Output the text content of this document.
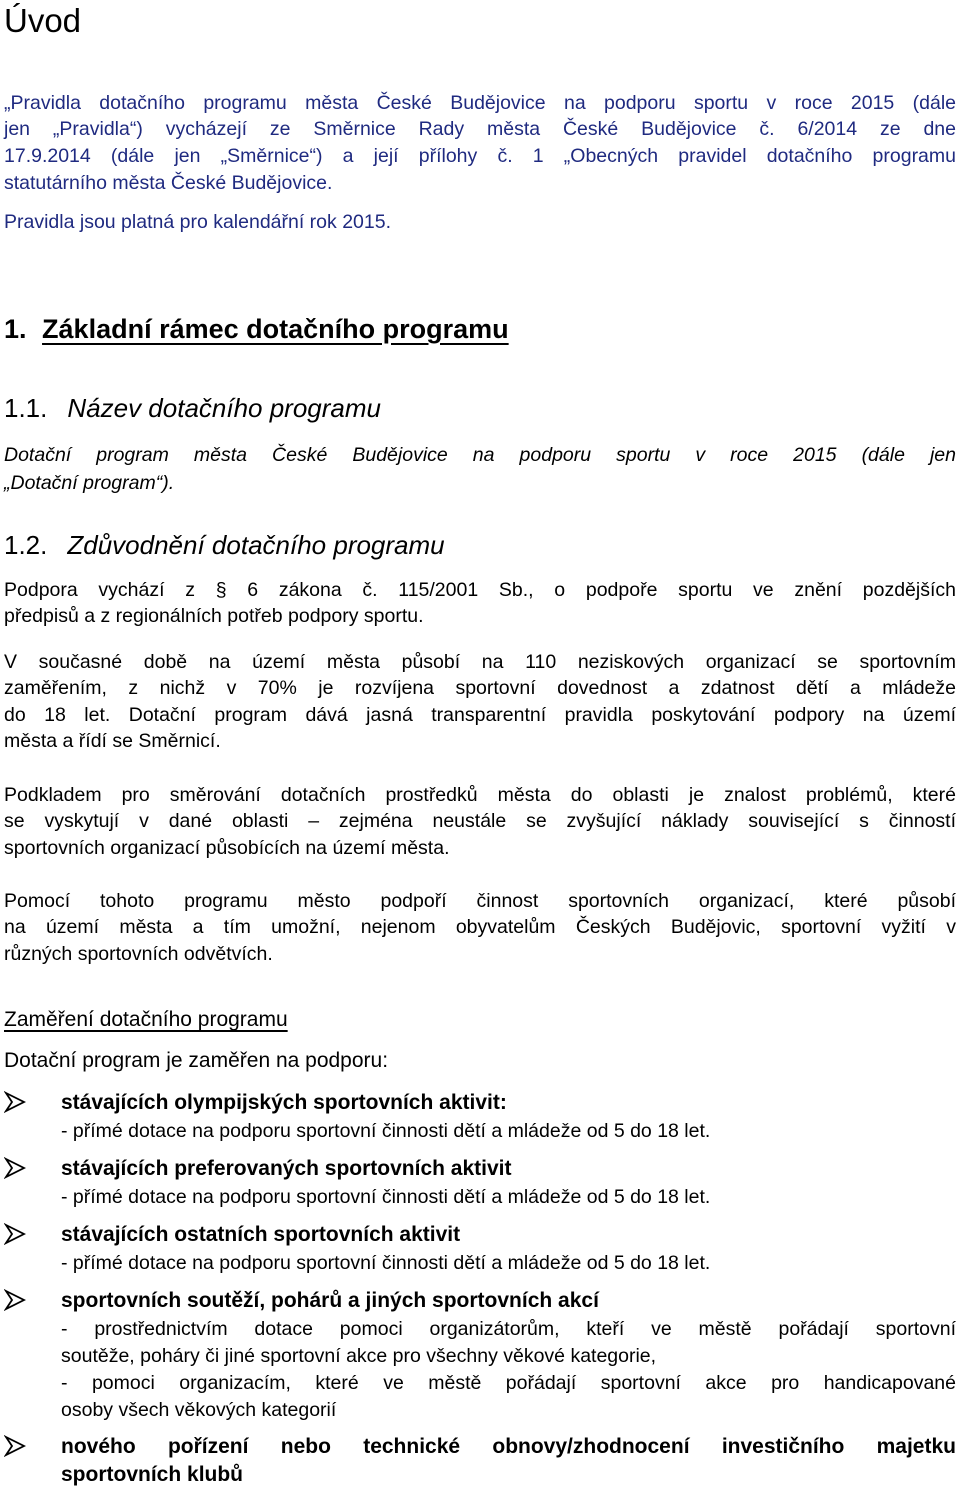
Úvod
„Pravidla dotačního programu města České Budějovice na podporu sportu v roce 2015 (dále
jen „Pravidla“) vycházejí ze Směrnice Rady města České Budějovice č. 6/2014 ze dne
17.9.2014 (dále jen „Směrnice“) a její přílohy č. 1 „Obecných pravidel dotačního programu
statutárního města České Budějovice.
Pravidla jsou platná pro kalendářní rok 2015.
1. Základní rámec dotačního programu
1.1. Název dotačního programu
Dotační program města České Budějovice na podporu sportu v roce 2015 (dále jen
„Dotační program“).
1.2. Zdůvodnění dotačního programu
Podpora vychází z § 6 zákona č. 115/2001 Sb., o podpoře sportu ve znění pozdějších
předpisů a z regionálních potřeb podpory sportu.
V současné době na území města působí na 110 neziskových organizací se sportovním
zaměřením, z nichž v 70% je rozvíjena sportovní dovednost a zdatnost dětí a mládeže
do 18 let. Dotační program dává jasná transparentní pravidla poskytování podpory na území
města a řídí se Směrnicí.
Podkladem pro směrování dotačních prostředků města do oblasti je znalost problémů, které
se vyskytují v dané oblasti – zejména neustále se zvyšující náklady související s činností
sportovních organizací působících na území města.
Pomocí tohoto programu město podpoří činnost sportovních organizací, které působí
na území města a tím umožní, nejenom obyvatelům Českých Budějovic, sportovní vyžití v
různých sportovních odvětvích.
Zaměření dotačního programu
Dotační program je zaměřen na podporu:
stávajících olympijských sportovních aktivit:
- přímé dotace na podporu sportovní činnosti dětí a mládeže od 5 do 18 let.
stávajících preferovaných sportovních aktivit
- přímé dotace na podporu sportovní činnosti dětí a mládeže od 5 do 18 let.
stávajících ostatních sportovních aktivit
- přímé dotace na podporu sportovní činnosti dětí a mládeže od 5 do 18 let.
sportovních soutěží, pohárů a jiných sportovních akcí
- prostřednictvím dotace pomoci organizátorům, kteří ve městě pořádají sportovní
soutěže, poháry či jiné sportovní akce pro všechny věkové kategorie,
- pomoci organizacím, které ve městě pořádají sportovní akce pro handicapované
osoby všech věkových kategorií
nového pořízení nebo technické obnovy/zhodnocení investičního majetku
sportovních klubů
